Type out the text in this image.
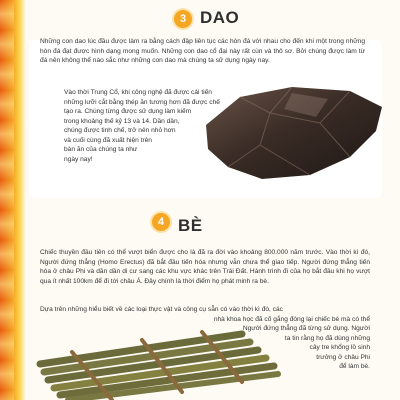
3 DAO

Những con dao lúc đầu được làm ra bằng cách đập liên tục các hòn đá với nhau cho đến khi một trong những hòn đá đạt được hình dạng mong muốn. Những con dao cổ đại này rất cùn và thô sơ. Bởi chúng được làm từ đá nên không thể nào sắc như những con dao mà chúng ta sử dụng ngày nay.

Vào thời Trung Cổ, khi công nghệ đã được cải tiến
những lưỡi cắt bằng thép ăn tương hơn đã được chế
tạo ra. Chúng từng được sử dụng làm kiếm
trong khoảng thế kỷ 13 và 14. Dần dần,
chúng được tinh chế, trở nên nhỏ hơn
và cuối cùng đã xuất hiện trên
bàn ăn của chúng ta như
ngày nay!
4 BÈ

Chiếc thuyền đầu tiên có thể vượt biển được cho là đã ra đời vào khoảng 800.000 năm trước. Vào thời kì đó, Người đứng thẳng (Homo Erectus) đã bắt đầu tiến hóa nhưng vẫn chưa thể giao tiếp. Người đứng thẳng tiến hóa ở châu Phi và dần dần di cư sang các khu vực khác trên Trái Đất. Hành trình đi của họ bắt đầu khi họ vượt qua ít nhất 100km để đi tới châu Á. Đây chính là thời điểm họ phát minh ra bè.

Dựa trên những hiểu biết về các loại thực vật và công cụ sẵn có vào thời kì đó, các
nhà khoa học đã cố gắng đóng lại chiếc bè mà có thể
Người đứng thẳng đã từng sử dụng. Người
ta tin rằng họ đã dùng những
cây tre khổng lồ sinh
trưởng ở châu Phi
để làm bè.
